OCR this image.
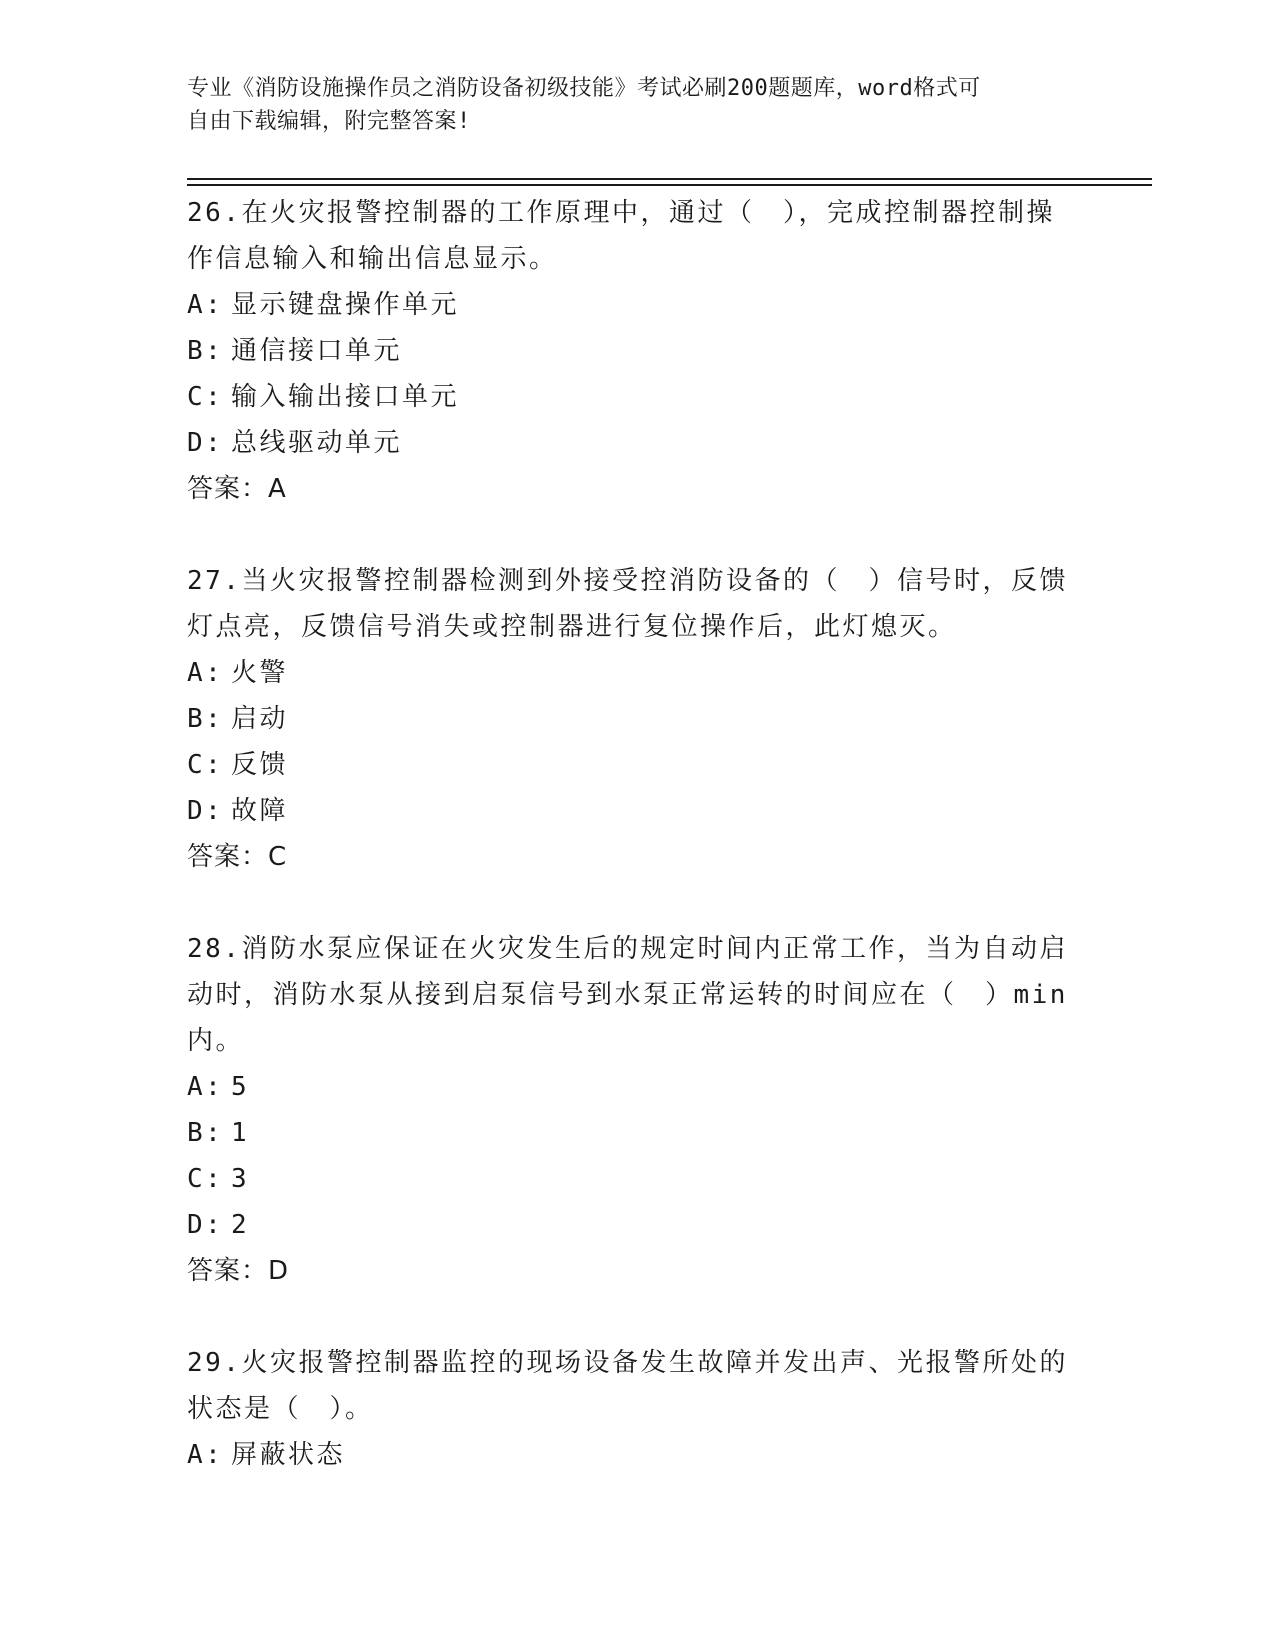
专业《消防设施操作员之消防设备初级技能》考试必刷200题题库，word格式可
自由下载编辑，附完整答案!
26.在火灾报警控制器的工作原理中，通过（　），完成控制器控制操
作信息输入和输出信息显示。
A: 显示键盘操作单元
B: 通信接口单元
C: 输入输出接口单元
D: 总线驱动单元
答案：A
27.当火灾报警控制器检测到外接受控消防设备的（　）信号时，反馈
灯点亮，反馈信号消失或控制器进行复位操作后，此灯熄灭。
A: 火警
B: 启动
C: 反馈
D: 故障
答案：C
28.消防水泵应保证在火灾发生后的规定时间内正常工作，当为自动启
动时，消防水泵从接到启泵信号到水泵正常运转的时间应在（　）min
内。
A: 5
B: 1
C: 3
D: 2
答案：D
29.火灾报警控制器监控的现场设备发生故障并发出声、光报警所处的
状态是（　）。
A: 屏蔽状态
